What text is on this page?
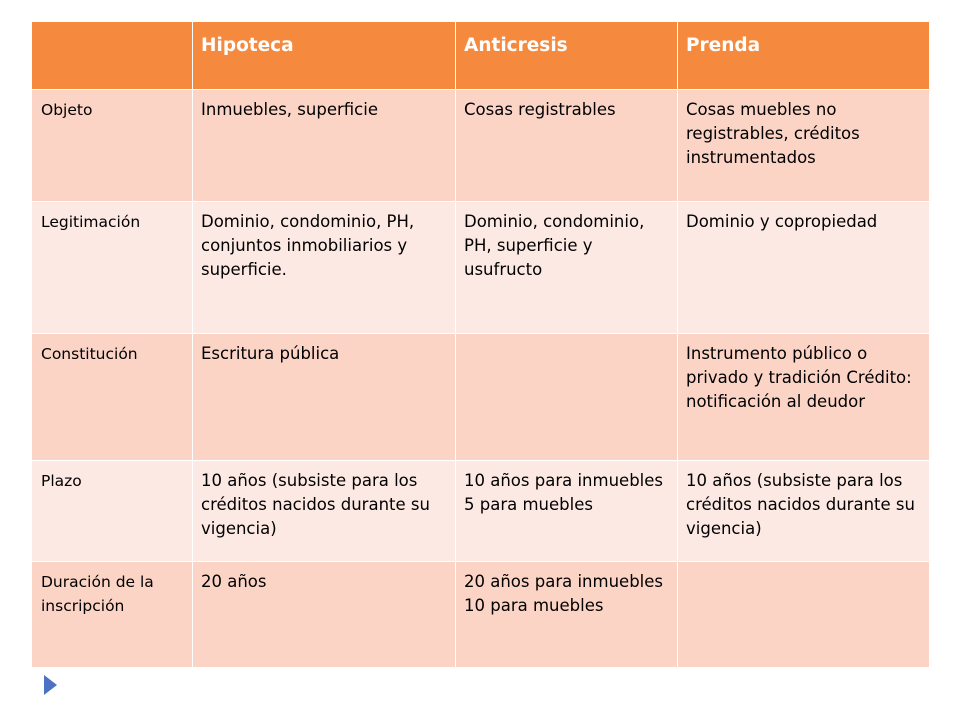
	Hipoteca	Anticresis	Prenda
Objeto	Inmuebles, superficie	Cosas registrables	Cosas muebles no registrables, créditos instrumentados
Legitimación	Dominio, condominio, PH, conjuntos inmobiliarios y superficie.	Dominio, condominio, PH, superficie y usufructo	Dominio y copropiedad
Constitución	Escritura pública		Instrumento público o privado y tradición Crédito: notificación al deudor
Plazo	10 años (subsiste para los créditos nacidos durante su vigencia)	10 años para inmuebles 5 para muebles	10 años (subsiste para los créditos nacidos durante su vigencia)
Duración de la inscripción	20 años	20 años para inmuebles 10 para muebles	
